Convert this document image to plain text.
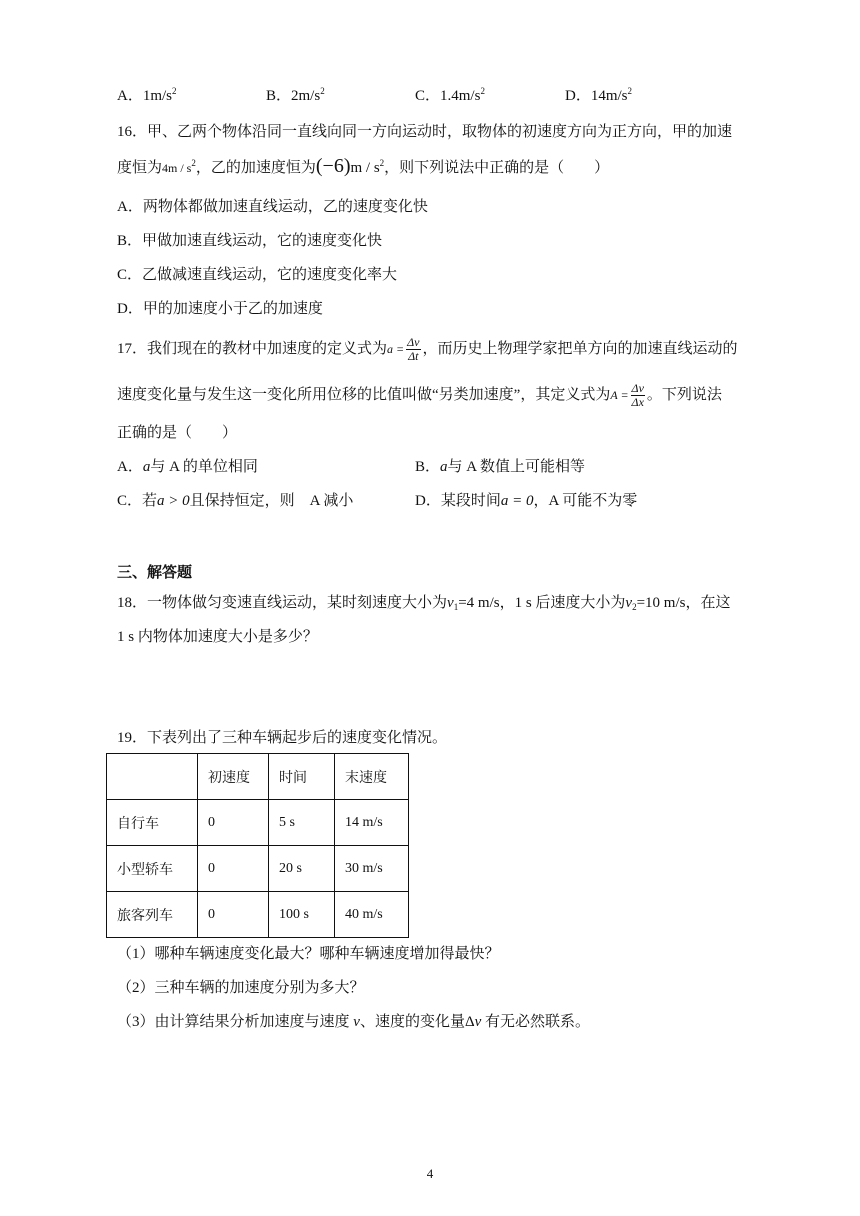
A．$1m/s^2$	B．$2m/s^2$	C．$1.4m/s^2$	D．$14m/s^2$
16．甲、乙两个物体沿同一直线向同一方向运动时，取物体的初速度方向为正方向，甲的加速
度恒为$4m / s^2$，乙的加速度恒为$(-6)m / s^2$，则下列说法中正确的是（　　）
A．两物体都做加速直线运动，乙的速度变化快
B．甲做加速直线运动，它的速度变化快
C．乙做减速直线运动，它的速度变化率大
D．甲的加速度小于乙的加速度
17．我们现在的教材中加速度的定义式为$a = \frac{\Delta v}{\Delta t}$ ，而历史上物理学家把单方向的加速直线运动的
速度变化量与发生这一变化所用位移的比值叫做“另类加速度”，其定义式为$A = \frac{\Delta v}{\Delta x}$ 。下列说法
正确的是（　　）
A．a与 A 的单位相同	B．a与 A 数值上可能相等
C．若a > 0且保持恒定，则　A 减小	D．某段时间a = 0，A 可能不为零
三、解答题
18．一物体做匀变速直线运动，某时刻速度大小为$v_1=4$ m/s，1 s 后速度大小为$v_2=10$ m/s，在这
1 s 内物体加速度大小是多少？
19．下表列出了三种车辆起步后的速度变化情况。
	初速度	时间	末速度
自行车	0	5 s	14 m/s
小型轿车	0	20 s	30 m/s
旅客列车	0	100 s	40 m/s
（1）哪种车辆速度变化最大？哪种车辆速度增加得最快？
（2）三种车辆的加速度分别为多大？
（3）由计算结果分析加速度与速度 v、速度的变化量Δv 有无必然联系。
4
